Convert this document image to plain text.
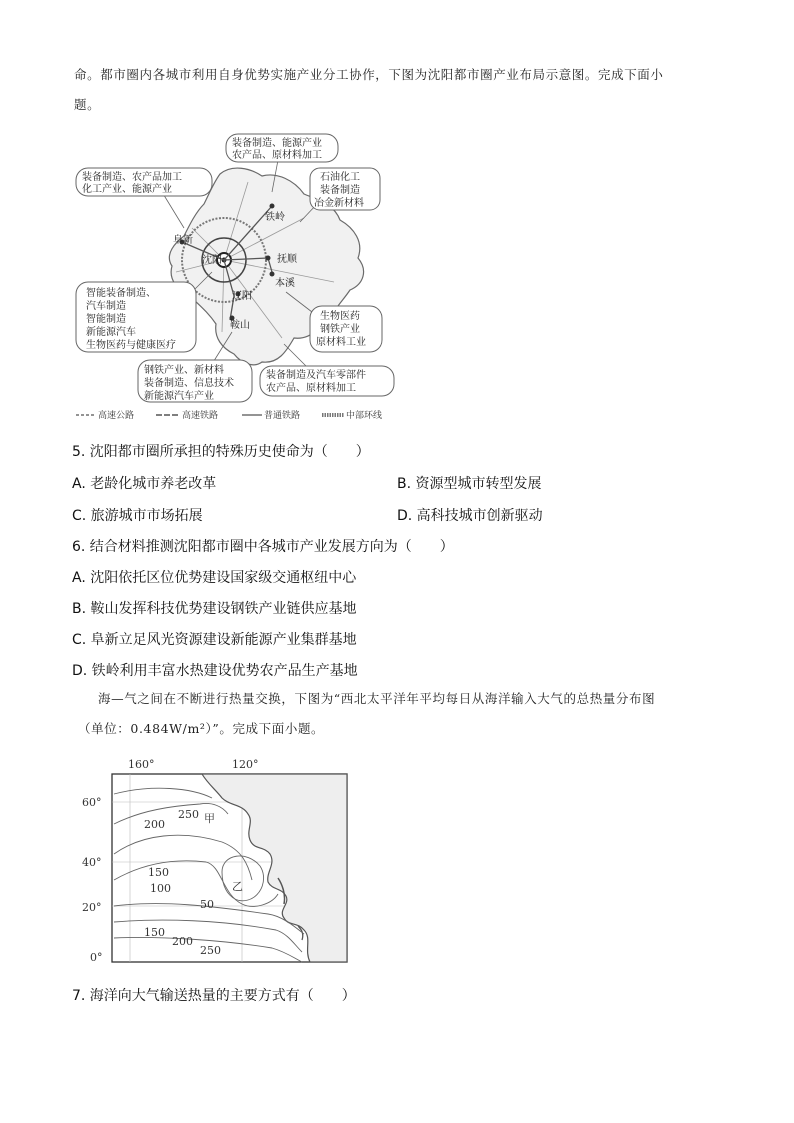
命。都市圈内各城市利用自身优势实施产业分工协作，下图为沈阳都市圈产业布局示意图。完成下面小
题。
铁岭
阜新
沈阳	抚顺
本溪
辽阳
鞍山
装备制造、能源产业
农产品、原材料加工
装备制造、农产品加工
化工产业、能源产业
石油化工
装备制造
冶金新材料
智能装备制造、
汽车制造
智能制造
新能源汽车
生物医药与健康医疗
生物医药
钢铁产业
原材料工业
钢铁产业、新材料
装备制造、信息技术
新能源汽车产业
装备制造及汽车零部件
农产品、原材料加工
高速公路	高速铁路	普通铁路	中部环线
5. 沈阳都市圈所承担的特殊历史使命为（　　）
A. 老龄化城市养老改革	B. 资源型城市转型发展
C. 旅游城市市场拓展	D. 高科技城市创新驱动
6. 结合材料推测沈阳都市圈中各城市产业发展方向为（　　）
A. 沈阳依托区位优势建设国家级交通枢纽中心
B. 鞍山发挥科技优势建设钢铁产业链供应基地
C. 阜新立足风光资源建设新能源产业集群基地
D. 铁岭利用丰富水热建设优势农产品生产基地
海—气之间在不断进行热量交换，下图为“西北太平洋年平均每日从海洋输入大气的总热量分布图
（单位：0.484W/m²）”。完成下面小题。
160°	120°
60°
40°
20°
0°
250
200
150
100
50
150
200
250
甲
乙
7. 海洋向大气输送热量的主要方式有（　　）
